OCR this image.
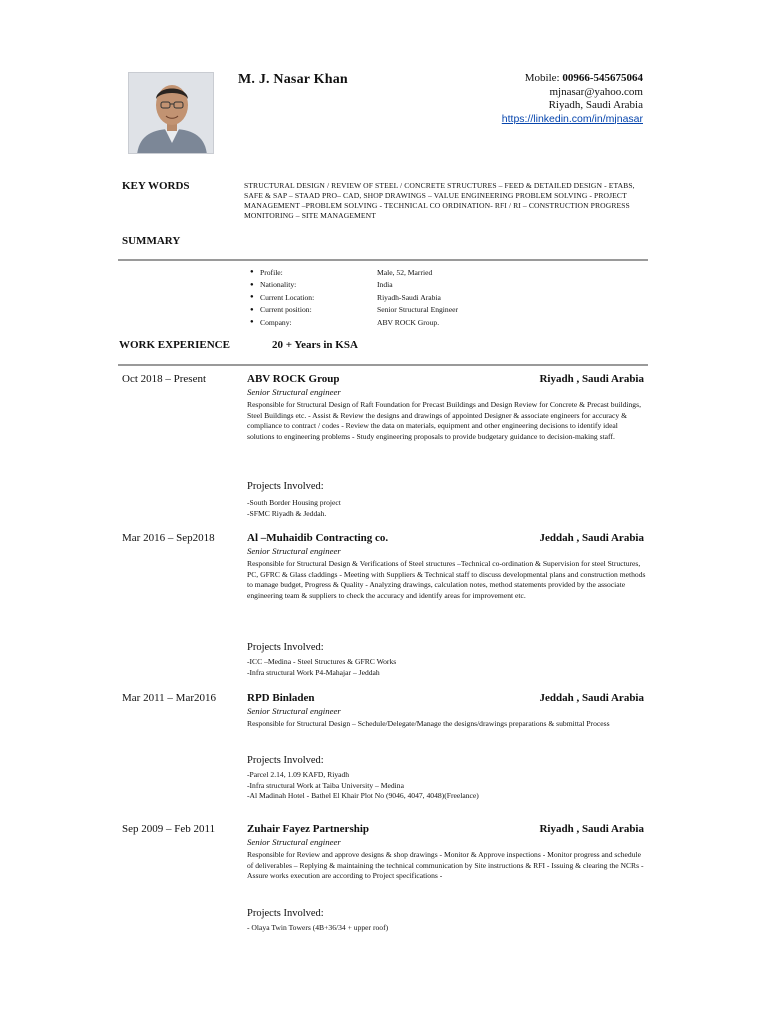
M. J. Nasar Khan	Mobile: 00966-545675064
mjnasar@yahoo.com
Riyadh, Saudi Arabia
https://linkedin.com/in/mjnasar
KEY WORDS	STRUCTURAL DESIGN / REVIEW OF STEEL / CONCRETE STRUCTURES – FEED & DETAILED DESIGN - ETABS, SAFE & SAP – STAAD PRO– CAD, SHOP DRAWINGS – VALUE ENGINEERING PROBLEM SOLVING - PROJECT MANAGEMENT –PROBLEM SOLVING - TECHNICAL CO ORDINATION- RFI / RI – CONSTRUCTION PROGRESS MONITORING – SITE MANAGEMENT
SUMMARY
● Profile:	Male, 52, Married
● Nationality:	India
● Current Location:	Riyadh-Saudi Arabia
● Current position:	Senior Structural Engineer
● Company:	ABV ROCK Group.
WORK EXPERIENCE	20 + Years in KSA
Oct 2018 – Present	ABV ROCK Group	Riyadh , Saudi Arabia
Senior Structural engineer
Responsible for Structural Design of Raft Foundation for Precast Buildings and Design Review for Concrete & Precast buildings, Steel Buildings etc. - Assist & Review the designs and drawings of appointed Designer & associate engineers for accuracy & compliance to contract / codes - Review the data on materials, equipment and other engineering decisions to identify ideal solutions to engineering problems - Study engineering proposals to provide budgetary guidance to decision-making staff.
Projects Involved:
-South Border Housing project
-SFMC Riyadh & Jeddah.
Mar 2016 – Sep2018	Al –Muhaidib Contracting co.	Jeddah , Saudi Arabia
Senior Structural engineer
Responsible for Structural Design & Verifications of Steel structures –Technical co-ordination & Supervision for steel Structures, PC, GFRC & Glass claddings - Meeting with Suppliers & Technical staff to discuss developmental plans and construction methods to manage budget, Progress & Quality - Analyzing drawings, calculation notes, method statements provided by the associate engineering team & suppliers to check the accuracy and identify areas for improvement etc.
Projects Involved:
-ICC –Medina - Steel Structures & GFRC Works
-Infra structural Work P4-Mahajar – Jeddah
Mar 2011 – Mar2016	RPD Binladen	Jeddah , Saudi Arabia
Senior Structural engineer
Responsible for Structural Design – Schedule/Delegate/Manage the designs/drawings preparations & submittal Process
Projects Involved:
-Parcel 2.14, 1.09 KAFD, Riyadh
-Infra structural Work at Taiba University – Medina
-Al Madinah Hotel - Bathel El Khair Plot No (9046, 4047, 4048)(Freelance)
Sep 2009 – Feb 2011	Zuhair Fayez Partnership	Riyadh , Saudi Arabia
Senior Structural engineer
Responsible for Review and approve designs & shop drawings - Monitor & Approve inspections - Monitor progress and schedule of deliverables – Replying & maintaining the technical communication by Site instructions & RFI - Issuing & clearing the NCRs - Assure works execution are according to Project specifications -
Projects Involved:
- Olaya Twin Towers (4B+36/34 + upper roof)
